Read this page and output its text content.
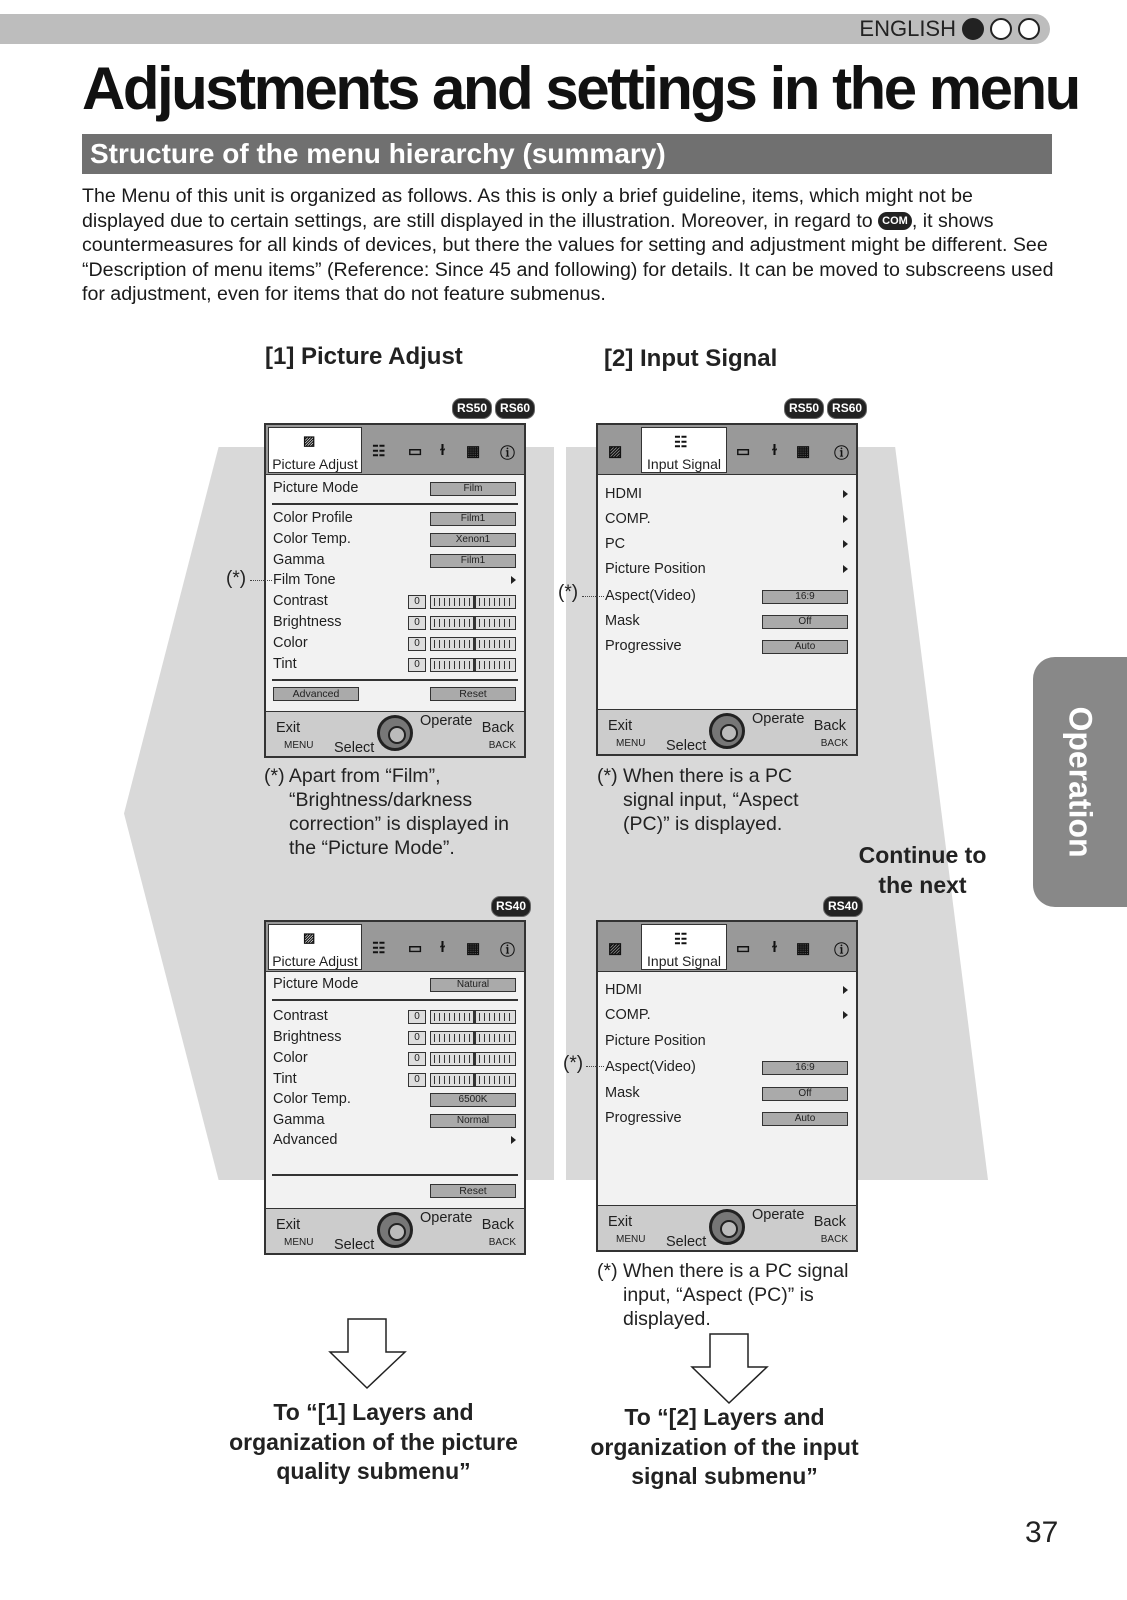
ENGLISH
Adjustments and settings in the menu
Structure of the menu hierarchy (summary)
The Menu of this unit is organized as follows. As this is only a brief guideline, items, which might not be displayed due to certain settings, are still displayed in the illustration. Moreover, in regard to COM , it shows countermeasures for all kinds of devices, but there the values for setting and adjustment might be different. See “Description of menu items” (Reference: Since 45 and following) for details. It can be moved to subscreens used for adjustment, even for items that do not feature submenus.
[1] Picture Adjust	[2] Input Signal
RS50	RS60	RS50	RS60
RS40	RS40
▨
Picture Adjust
☷ ▭ ɫ ▦ ⓘ
Picture Mode	Film
Color Profile	Film1
Color Temp.	Xenon1
Gamma	Film1
Film Tone
Contrast	0
Brightness	0
Color	0
Tint	0
Advanced	Reset
Exit
MENU Select
Operate Back
BACK
▨
☷
Input Signal
▭ ɫ ▦ ⓘ
HDMI
COMP.
PC
Picture Position
Aspect(Video)	16:9
Mask	Off
Progressive	Auto
Exit
MENU Select
Operate Back
BACK
▨
Picture Adjust
☷ ▭ ɫ ▦ ⓘ
Picture Mode	Natural
Contrast	0
Brightness	0
Color	0
Tint	0
Color Temp.	6500K
Gamma	Normal
Advanced
Reset
Exit
MENU Select
Operate Back
BACK
▨
☷
Input Signal
▭ ɫ ▦ ⓘ
HDMI
COMP.
Picture Position
Aspect(Video)	16:9
Mask	Off
Progressive	Auto
Exit
MENU Select
Operate Back
BACK
(*)
(*)
(*)
(*) Apart from “Film”,
“Brightness/darkness
correction” is displayed in
the “Picture Mode”.
(*) When there is a PC
signal input, “Aspect
(PC)” is displayed.
(*) When there is a PC signal
input, “Aspect (PC)” is
displayed.
Continue to
the next
To “[1] Layers and
organization of the picture
quality submenu”
To “[2] Layers and
organization of the input
signal submenu”
Operation
37
